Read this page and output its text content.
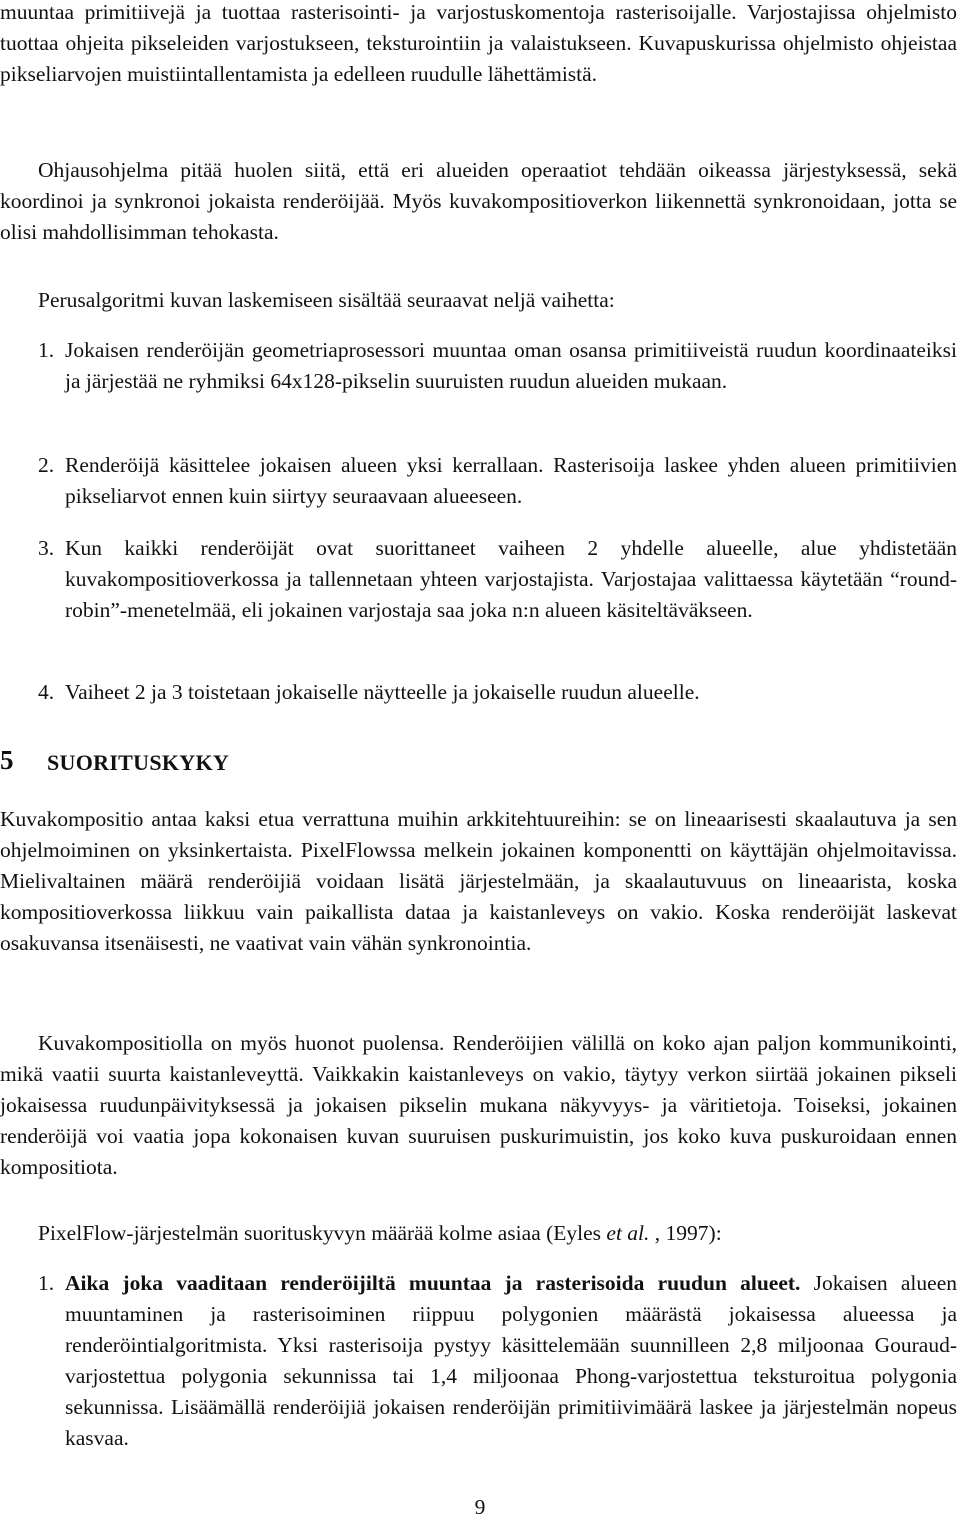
muuntaa primitiivejä ja tuottaa rasterisointi- ja varjostuskomentoja rasterisoijalle. Varjostajissa ohjelmisto tuottaa ohjeita pikseleiden varjostukseen, teksturointiin ja valaistukseen. Kuvapuskurissa ohjelmisto ohjeistaa pikseliarvojen muistiintallentamista ja edelleen ruudulle lähettämistä.

Ohjausohjelma pitää huolen siitä, että eri alueiden operaatiot tehdään oikeassa järjestyksessä, sekä koordinoi ja synkronoi jokaista renderöijää. Myös kuvakompositioverkon liikennettä synkronoidaan, jotta se olisi mahdollisimman tehokasta.

Perusalgoritmi kuvan laskemiseen sisältää seuraavat neljä vaihetta:

1. Jokaisen renderöijän geometriaprosessori muuntaa oman osansa primitiiveistä ruudun koordinaateiksi ja järjestää ne ryhmiksi 64x128-pikselin suuruisten ruudun alueiden mukaan.
2. Renderöijä käsittelee jokaisen alueen yksi kerrallaan. Rasterisoija laskee yhden alueen primitiivien pikseliarvot ennen kuin siirtyy seuraavaan alueeseen.
3. Kun kaikki renderöijät ovat suorittaneet vaiheen 2 yhdelle alueelle, alue yhdistetään kuvakompositioverkossa ja tallennetaan yhteen varjostajista. Varjostajaa valittaessa käytetään “round-robin”-menetelmää, eli jokainen varjostaja saa joka n:n alueen käsiteltäväkseen.
4. Vaiheet 2 ja 3 toistetaan jokaiselle näytteelle ja jokaiselle ruudun alueelle.
5 SUORITUSKYKY

Kuvakompositio antaa kaksi etua verrattuna muihin arkkitehtuureihin: se on lineaarisesti skaalautuva ja sen ohjelmoiminen on yksinkertaista. PixelFlowssa melkein jokainen komponentti on käyttäjän ohjelmoitavissa. Mielivaltainen määrä renderöijiä voidaan lisätä järjestelmään, ja skaalautuvuus on lineaarista, koska kompositioverkossa liikkuu vain paikallista dataa ja kaistanleveys on vakio. Koska renderöijät laskevat osakuvansa itsenäisesti, ne vaativat vain vähän synkronointia.

Kuvakompositiolla on myös huonot puolensa. Renderöijien välillä on koko ajan paljon kommunikointi, mikä vaatii suurta kaistanleveyttä. Vaikkakin kaistanleveys on vakio, täytyy verkon siirtää jokainen pikseli jokaisessa ruudunpäivityksessä ja jokaisen pikselin mukana näkyvyys- ja väritietoja. Toiseksi, jokainen renderöijä voi vaatia jopa kokonaisen kuvan suuruisen puskurimuistin, jos koko kuva puskuroidaan ennen kompositiota.

PixelFlow-järjestelmän suorituskyvyn määrää kolme asiaa (Eyles et al. , 1997):

1. Aika joka vaaditaan renderöijiltä muuntaa ja rasterisoida ruudun alueet. Jokaisen alueen muuntaminen ja rasterisoiminen riippuu polygonien määrästä jokaisessa alueessa ja renderöintialgoritmista. Yksi rasterisoija pystyy käsittelemään suunnilleen 2,8 miljoonaa Gouraud-varjostettua polygonia sekunnissa tai 1,4 miljoonaa Phong-varjostettua teksturoitua polygonia sekunnissa. Lisäämällä renderöijiä jokaisen renderöijän primitiivimäärä laskee ja järjestelmän nopeus kasvaa.
9
